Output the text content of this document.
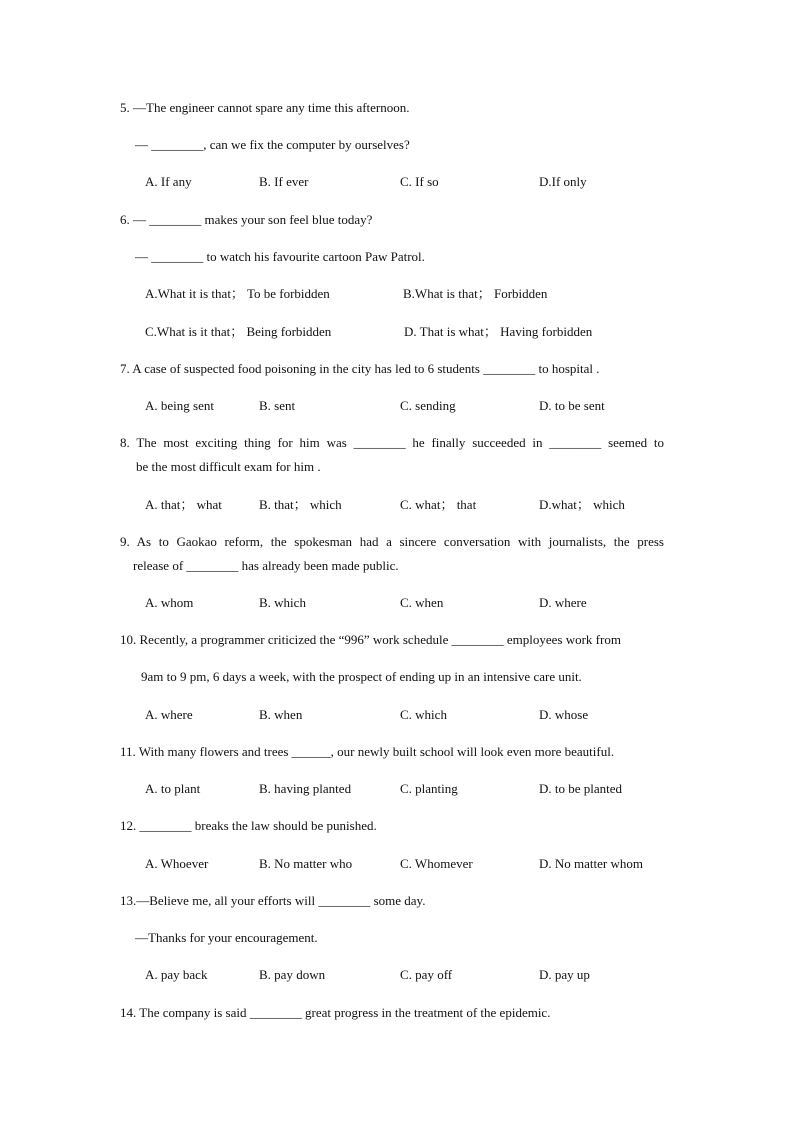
5. —The engineer cannot spare any time this afternoon.
— ________, can we fix the computer by ourselves?
A. If any	B. If ever	C. If so	D.If only
6. — ________ makes your son feel blue today?
— ________ to watch his favourite cartoon Paw Patrol.
A.What it is that； To be forbidden	B.What is that； Forbidden
C.What is it that； Being forbidden	D. That is what； Having forbidden
7. A case of suspected food poisoning in the city has led to 6 students ________ to hospital .
A. being sent	B. sent	C. sending	D. to be sent
8. The most exciting thing for him was ________ he finally succeeded in ________ seemed to
be the most difficult exam for him .
A. that； what	B. that； which	C. what； that	D.what； which
9. As to Gaokao reform, the spokesman had a sincere conversation with journalists, the press
release of ________ has already been made public.
A. whom	B. which	C. when	D. where
10. Recently, a programmer criticized the “996” work schedule ________ employees work from
9am to 9 pm, 6 days a week, with the prospect of ending up in an intensive care unit.
A. where	B. when	C. which	D. whose
11. With many flowers and trees ______, our newly built school will look even more beautiful.
A. to plant	B. having planted	C. planting	D. to be planted
12. ________ breaks the law should be punished.
A. Whoever	B. No matter who	C. Whomever	D. No matter whom
13.—Believe me, all your efforts will ________ some day.
—Thanks for your encouragement.
A. pay back	B. pay down	C. pay off	D. pay up
14. The company is said ________ great progress in the treatment of the epidemic.
